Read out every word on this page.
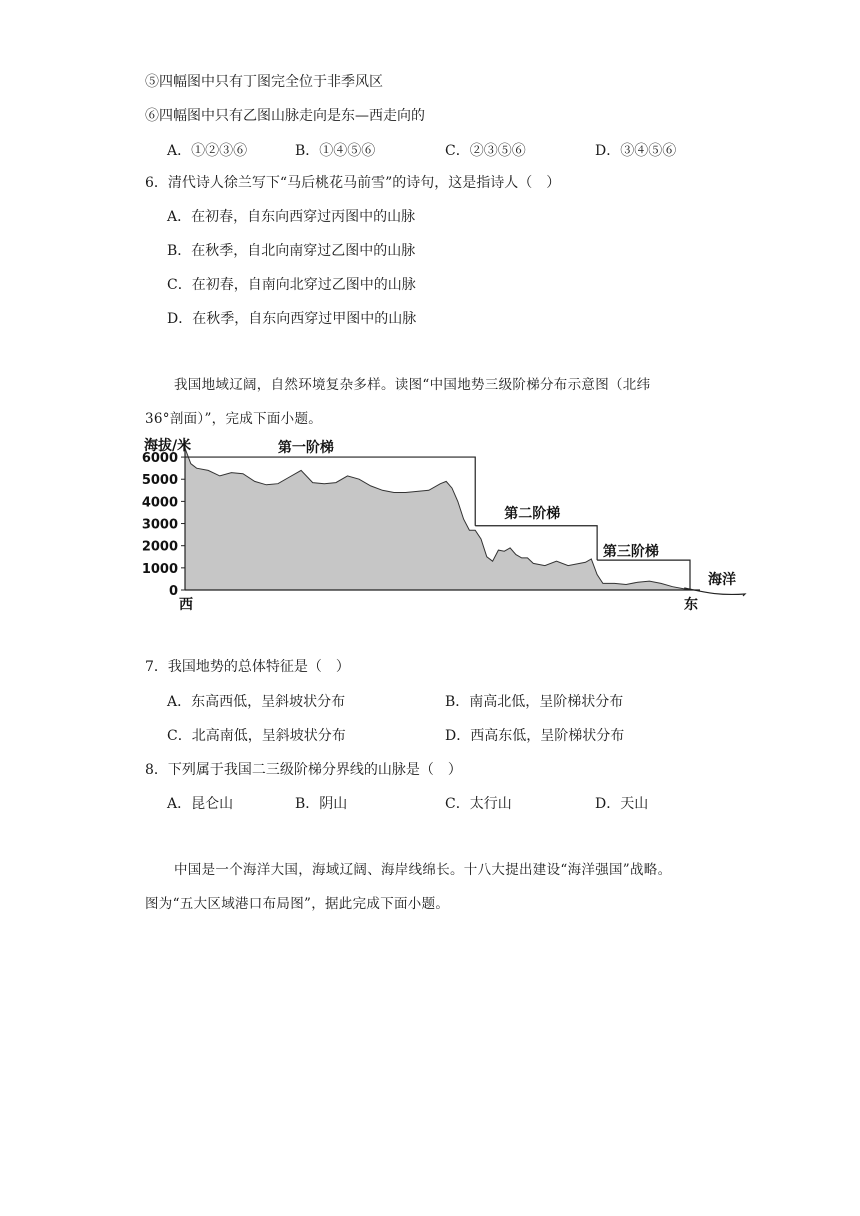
⑤四幅图中只有丁图完全位于非季风区
⑥四幅图中只有乙图山脉走向是东—西走向的
A．①②③⑥	B．①④⑤⑥	C．②③⑤⑥	D．③④⑤⑥
6．清代诗人徐兰写下“马后桃花马前雪”的诗句，这是指诗人（　）
A．在初春，自东向西穿过丙图中的山脉
B．在秋季，自北向南穿过乙图中的山脉
C．在初春，自南向北穿过乙图中的山脉
D．在秋季，自东向西穿过甲图中的山脉
我国地域辽阔，自然环境复杂多样。读图“中国地势三级阶梯分布示意图（北纬
36°剖面）”，完成下面小题。
第一阶梯
第二阶梯
第三阶梯
海洋
0
1000
2000
3000
4000
5000
6000
海拔/米
西	东
7．我国地势的总体特征是（　）
A．东高西低，呈斜坡状分布	B．南高北低，呈阶梯状分布
C．北高南低，呈斜坡状分布	D．西高东低，呈阶梯状分布
8．下列属于我国二三级阶梯分界线的山脉是（　）
A．昆仑山	B．阴山	C．太行山	D．天山
中国是一个海洋大国，海域辽阔、海岸线绵长。十八大提出建设“海洋强国”战略。
图为“五大区域港口布局图”，据此完成下面小题。
